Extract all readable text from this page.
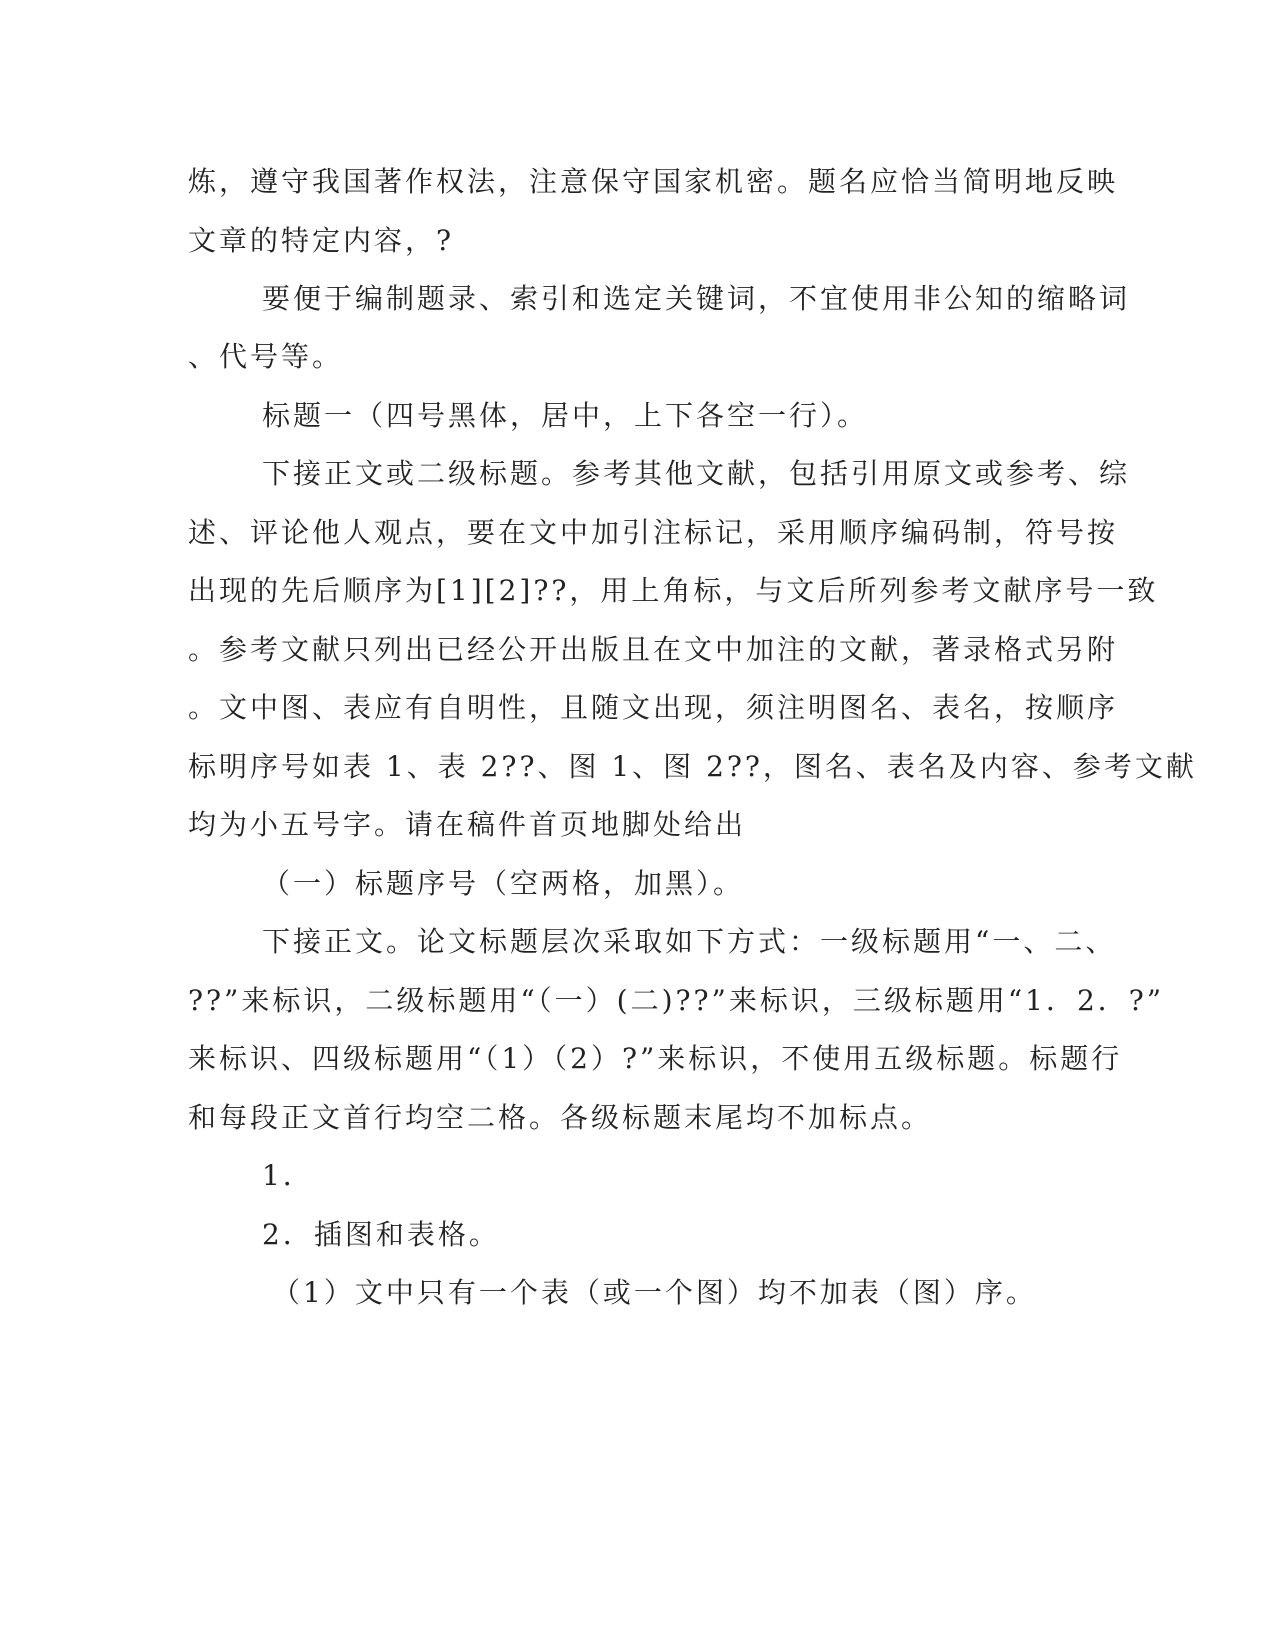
炼，遵守我国著作权法，注意保守国家机密。题名应恰当简明地反映
文章的特定内容，?
要便于编制题录、索引和选定关键词，不宜使用非公知的缩略词
、代号等。
标题一（四号黑体，居中，上下各空一行）。
下接正文或二级标题。参考其他文献，包括引用原文或参考、综
述、评论他人观点，要在文中加引注标记，采用顺序编码制，符号按
出现的先后顺序为[1][2]??，用上角标，与文后所列参考文献序号一致
。参考文献只列出已经公开出版且在文中加注的文献，著录格式另附
。文中图、表应有自明性，且随文出现，须注明图名、表名，按顺序
标明序号如表 1、表 2??、图 1、图 2??，图名、表名及内容、参考文献
均为小五号字。请在稿件首页地脚处给出
（一）标题序号（空两格，加黑）。
下接正文。论文标题层次采取如下方式：一级标题用“一、二、
??”来标识，二级标题用“（一）(二)??”来标识，三级标题用“1．2．?”
来标识、四级标题用“（1）（2）?”来标识，不使用五级标题。标题行
和每段正文首行均空二格。各级标题末尾均不加标点。
1．
2．插图和表格。
（1）文中只有一个表（或一个图）均不加表（图）序。
